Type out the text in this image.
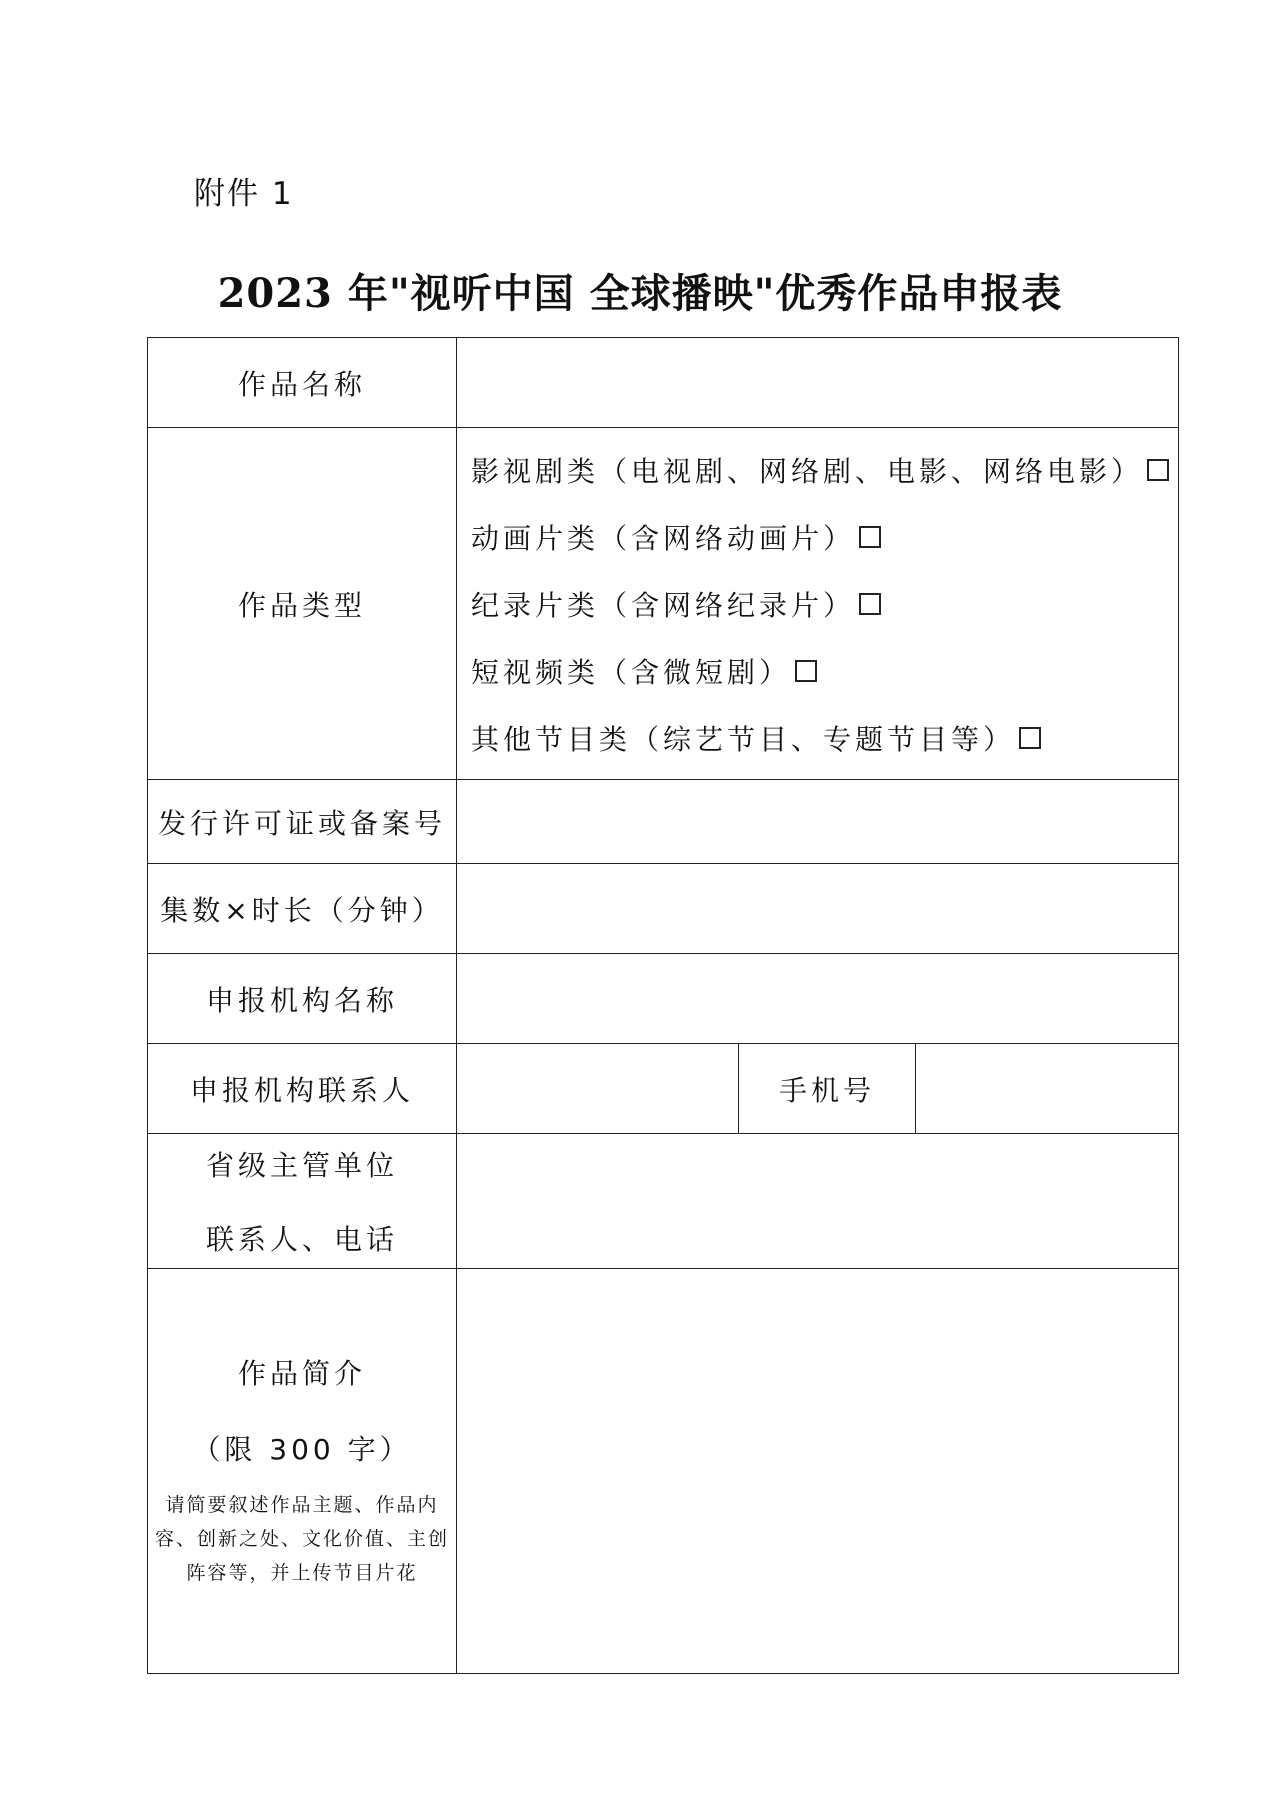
附件 1
2023 年"视听中国 全球播映"优秀作品申报表
作品名称			
作品类型	影视剧类（电视剧、网络剧、电影、网络电影）
动画片类（含网络动画片）
纪录片类（含网络纪录片）
短视频类（含微短剧）
其他节目类（综艺节目、专题节目等）		

发行许可证或备案号			
集数×时长（分钟）			
申报机构名称			
申报机构联系人		手机号	

省级主管单位
联系人、电话			

作品简介
（限 300 字）
请简要叙述作品主题、作品内容、创新之处、文化价值、主创阵容等，并上传节目片花			
